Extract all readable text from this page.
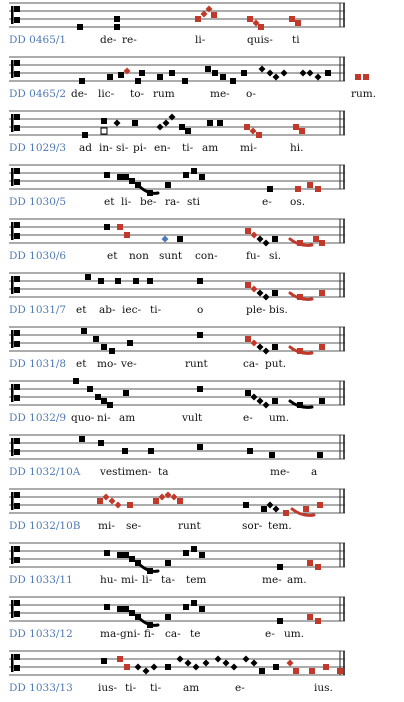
DD 0465/1	de- re-	li-	quis- ti
DD 0465/2 de- lic- to- rum	me- o-	rum.
DD 1029/3 ad in- si- pi- en- ti- am mi-	hi.
DD 1030/5	et li- be- ra- sti	e- os.
DD 1030/6	et non sunt con-	fu- si.
DD 1031/7 et ab- iec- ti-	o	ple- bis.
DD 1031/8 et mo- ve-	runt	ca- put.
DD 1032/9 quo- ni- am	vult	e- um.
DD 1032/10A vestimen- ta	me- a
DD 1032/10B mi- se-	runt	sor- tem.
DD 1033/11	hu- mi- li- ta- tem	me- am.
DD 1033/12	ma- gni- fi- ca- te	e- um.
DD 1033/13 ius- ti- ti- am	e-	ius.
